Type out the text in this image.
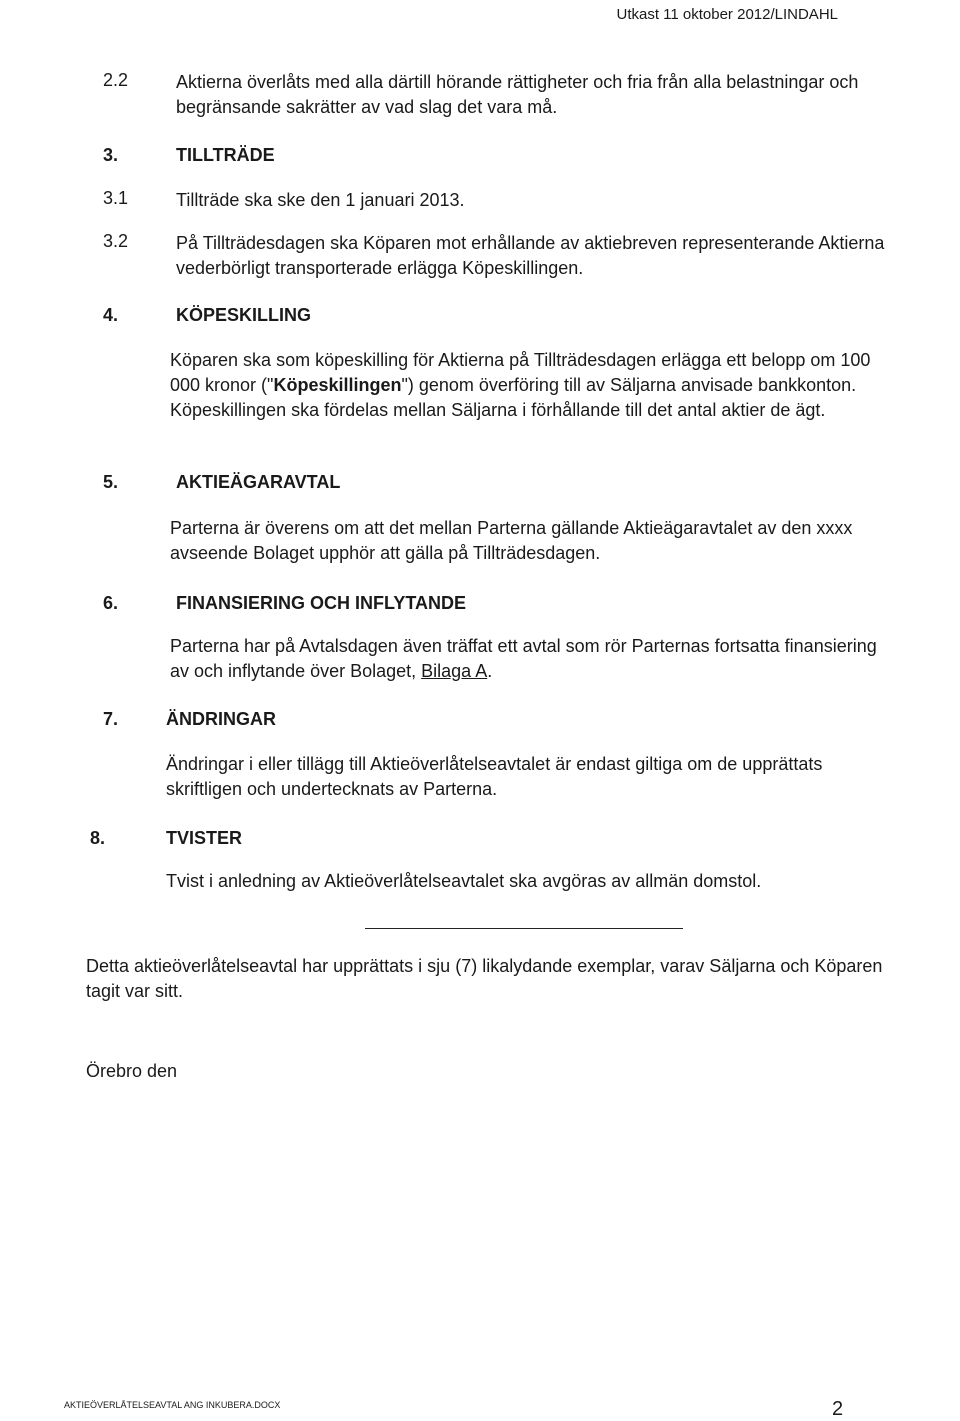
Utkast 11 oktober 2012/LINDAHL
2.2	Aktierna överlåts med alla därtill hörande rättigheter och fria från alla belastningar och begränsande sakrätter av vad slag det vara må.
3.	TILLTRÄDE
3.1	Tillträde ska ske den 1 januari 2013.
3.2	På Tillträdesdagen ska Köparen mot erhållande av aktiebreven representerande Aktierna vederbörligt transporterade erlägga Köpeskillingen.
4.	KÖPESKILLING
Köparen ska som köpeskilling för Aktierna på Tillträdesdagen erlägga ett belopp om 100 000 kronor ("Köpeskillingen") genom överföring till av Säljarna anvisade bankkonton. Köpeskillingen ska fördelas mellan Säljarna i förhållande till det antal aktier de ägt.
5.	AKTIEÄGARAVTAL
Parterna är överens om att det mellan Parterna gällande Aktieägaravtalet av den xxxx avseende Bolaget upphör att gälla på Tillträdesdagen.
6.	FINANSIERING OCH INFLYTANDE
Parterna har på Avtalsdagen även träffat ett avtal som rör Parternas fortsatta finansiering av och inflytande över Bolaget, Bilaga A.
7.	ÄNDRINGAR
Ändringar i eller tillägg till Aktieöverlåtelseavtalet är endast giltiga om de upprättats skriftligen och undertecknats av Parterna.
8.	TVISTER
Tvist i anledning av Aktieöverlåtelseavtalet ska avgöras av allmän domstol.
Detta aktieöverlåtelseavtal har upprättats i sju (7) likalydande exemplar, varav Säljarna och Köparen tagit var sitt.
Örebro den
AKTIEÖVERLÅTELSEAVTAL ANG INKUBERA.DOCX	2
